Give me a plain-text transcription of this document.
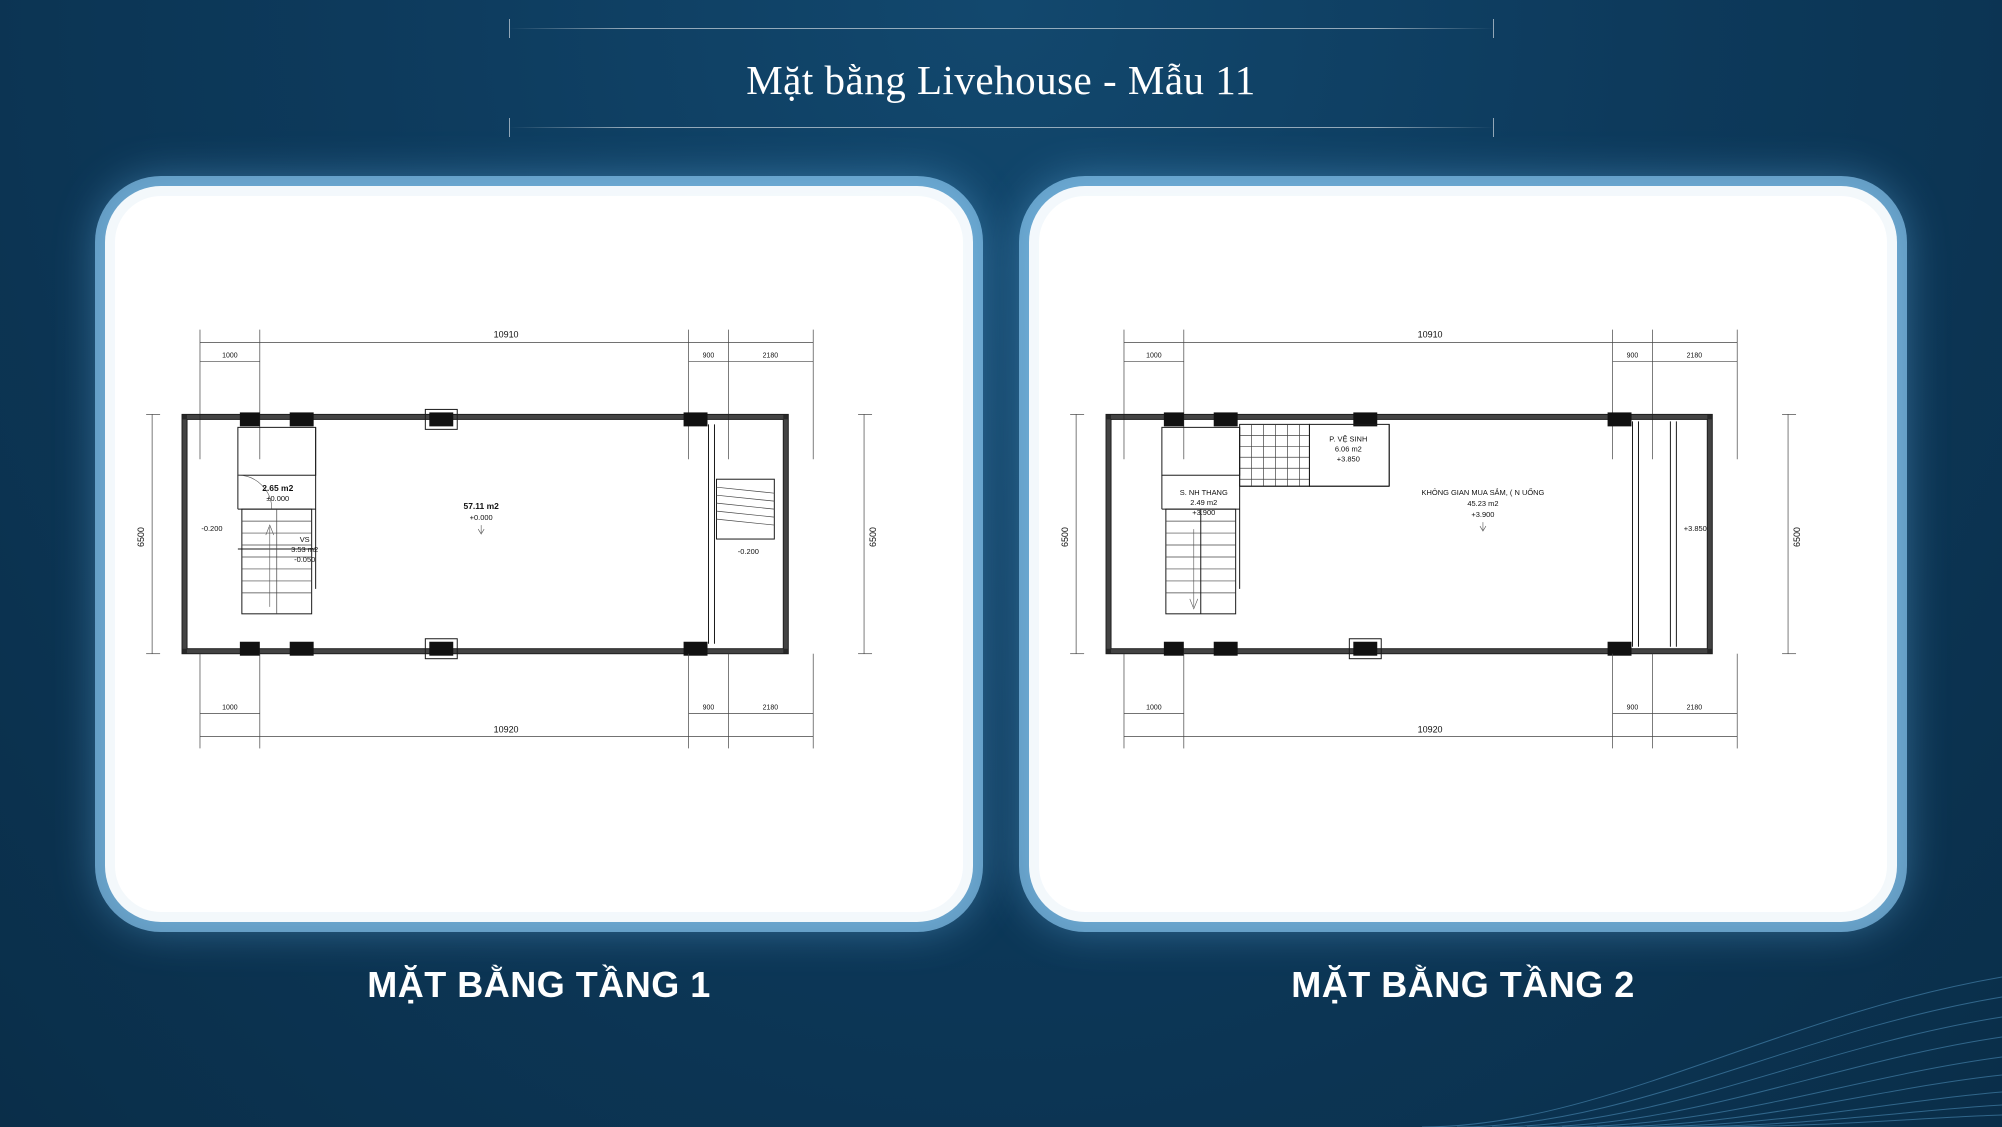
Mặt bằng Livehouse - Mẫu 11
10910
1000	900	2180
6500	6500
2.65 m2
±0.000
VS
3.53 m2
-0.050
57.11 m2
+0.000
-0.200
-0.200
1000	900	2180
10920
MẶT BẰNG TẦNG 1
10910
1000	900	2180
6500	6500
P. VỆ SINH
6.06 m2
+3.850
S. NH THANG
2.49 m2
+3.900
KHÔNG GIAN MUA SẮM, ( N UỐNG
45.23 m2
+3.900
+3.850
1000	900	2180
10920
MẶT BẰNG TẦNG 2
